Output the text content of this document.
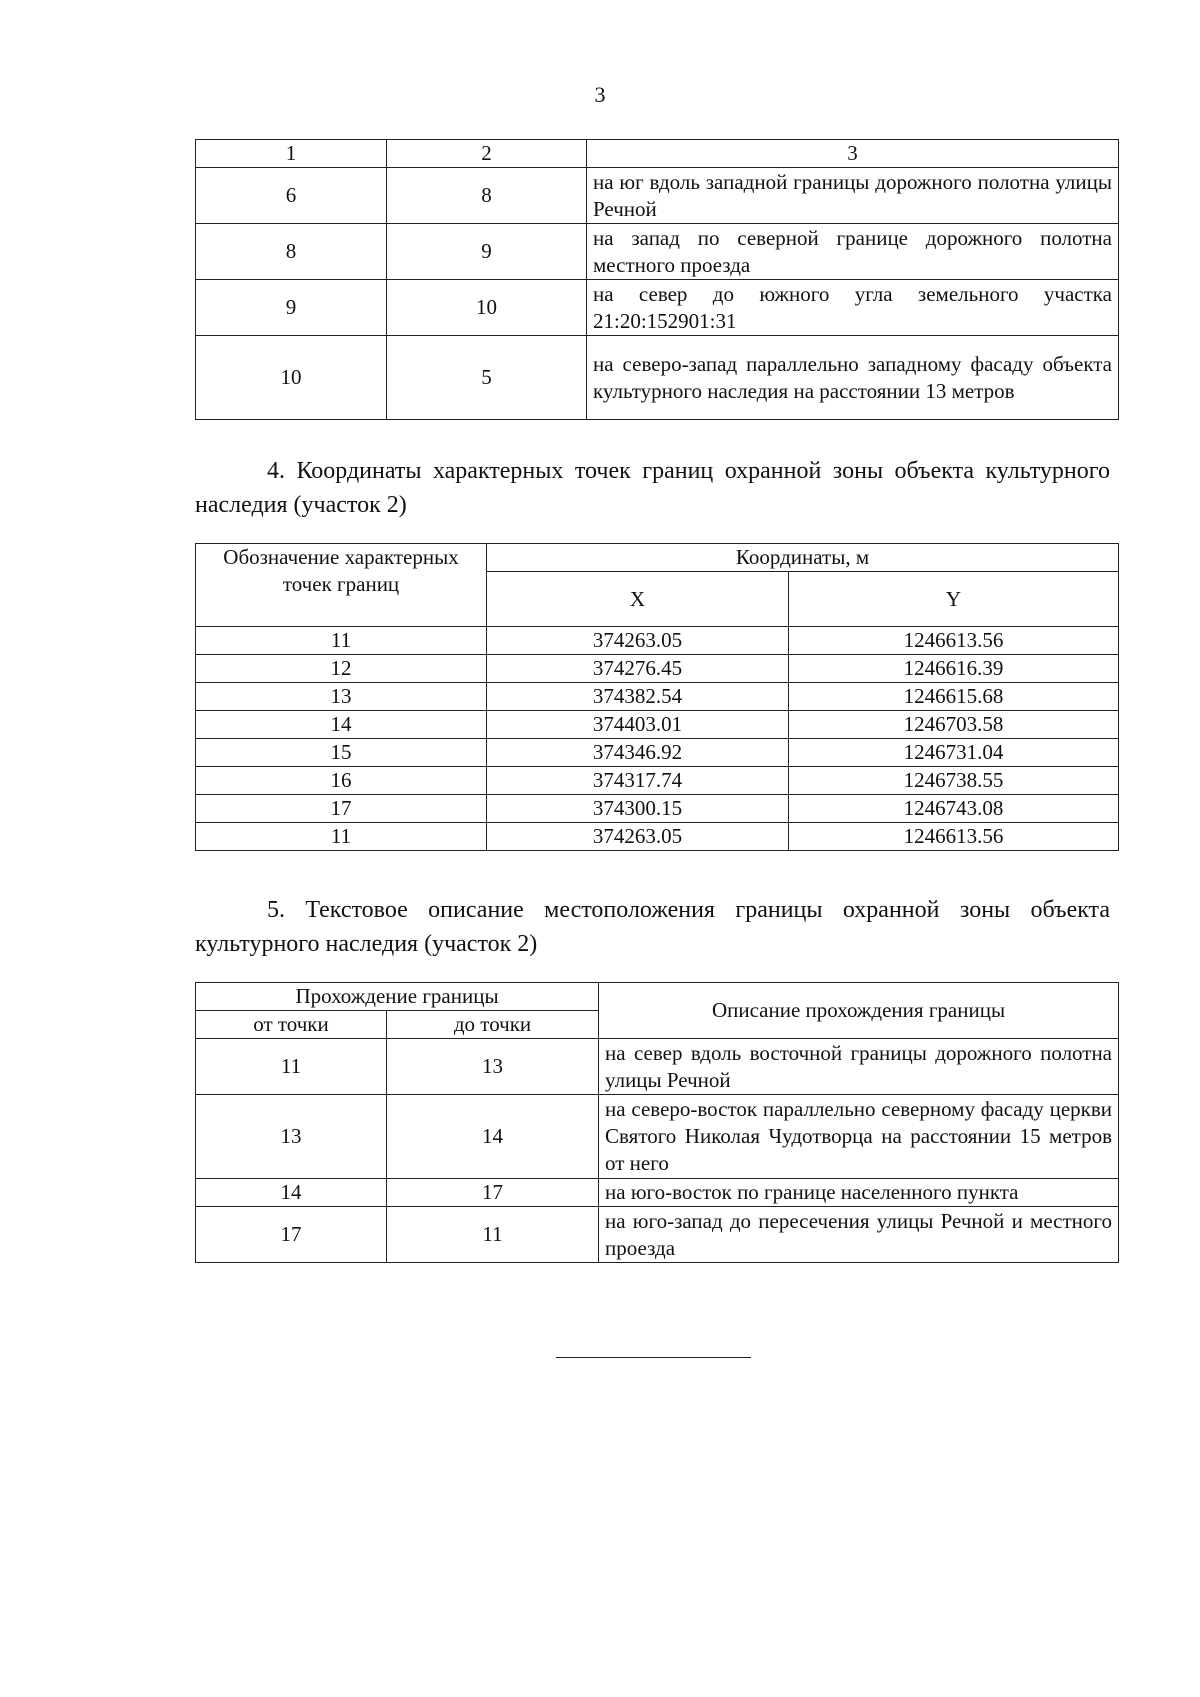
3
1	2	3
6	8	на юг вдоль западной границы дорожного полотна улицы Речной
8	9	на запад по северной границе дорожного полотна местного проезда
9	10	на север до южного угла земельного участка 21:20:152901:31
10	5	на северо-запад параллельно западному фасаду объекта культурного наследия на расстоянии 13 метров
4. Координаты характерных точек границ охранной зоны объекта культурного наследия (участок 2)
Обозначение характерных точек границ	Координаты, м	
	X	Y
11	374263.05	1246613.56
12	374276.45	1246616.39
13	374382.54	1246615.68
14	374403.01	1246703.58
15	374346.92	1246731.04
16	374317.74	1246738.55
17	374300.15	1246743.08
11	374263.05	1246613.56
5. Текстовое описание местоположения границы охранной зоны объекта культурного наследия (участок 2)
Прохождение границы		Описание прохождения границы
от точки	до точки	
11	13	на север вдоль восточной границы дорожного полотна улицы Речной
13	14	на северо-восток параллельно северному фасаду церкви Святого Николая Чудотворца на расстоянии 15 метров от него
14	17	на юго-восток по границе населенного пункта
17	11	на юго-запад до пересечения улицы Речной и местного проезда
